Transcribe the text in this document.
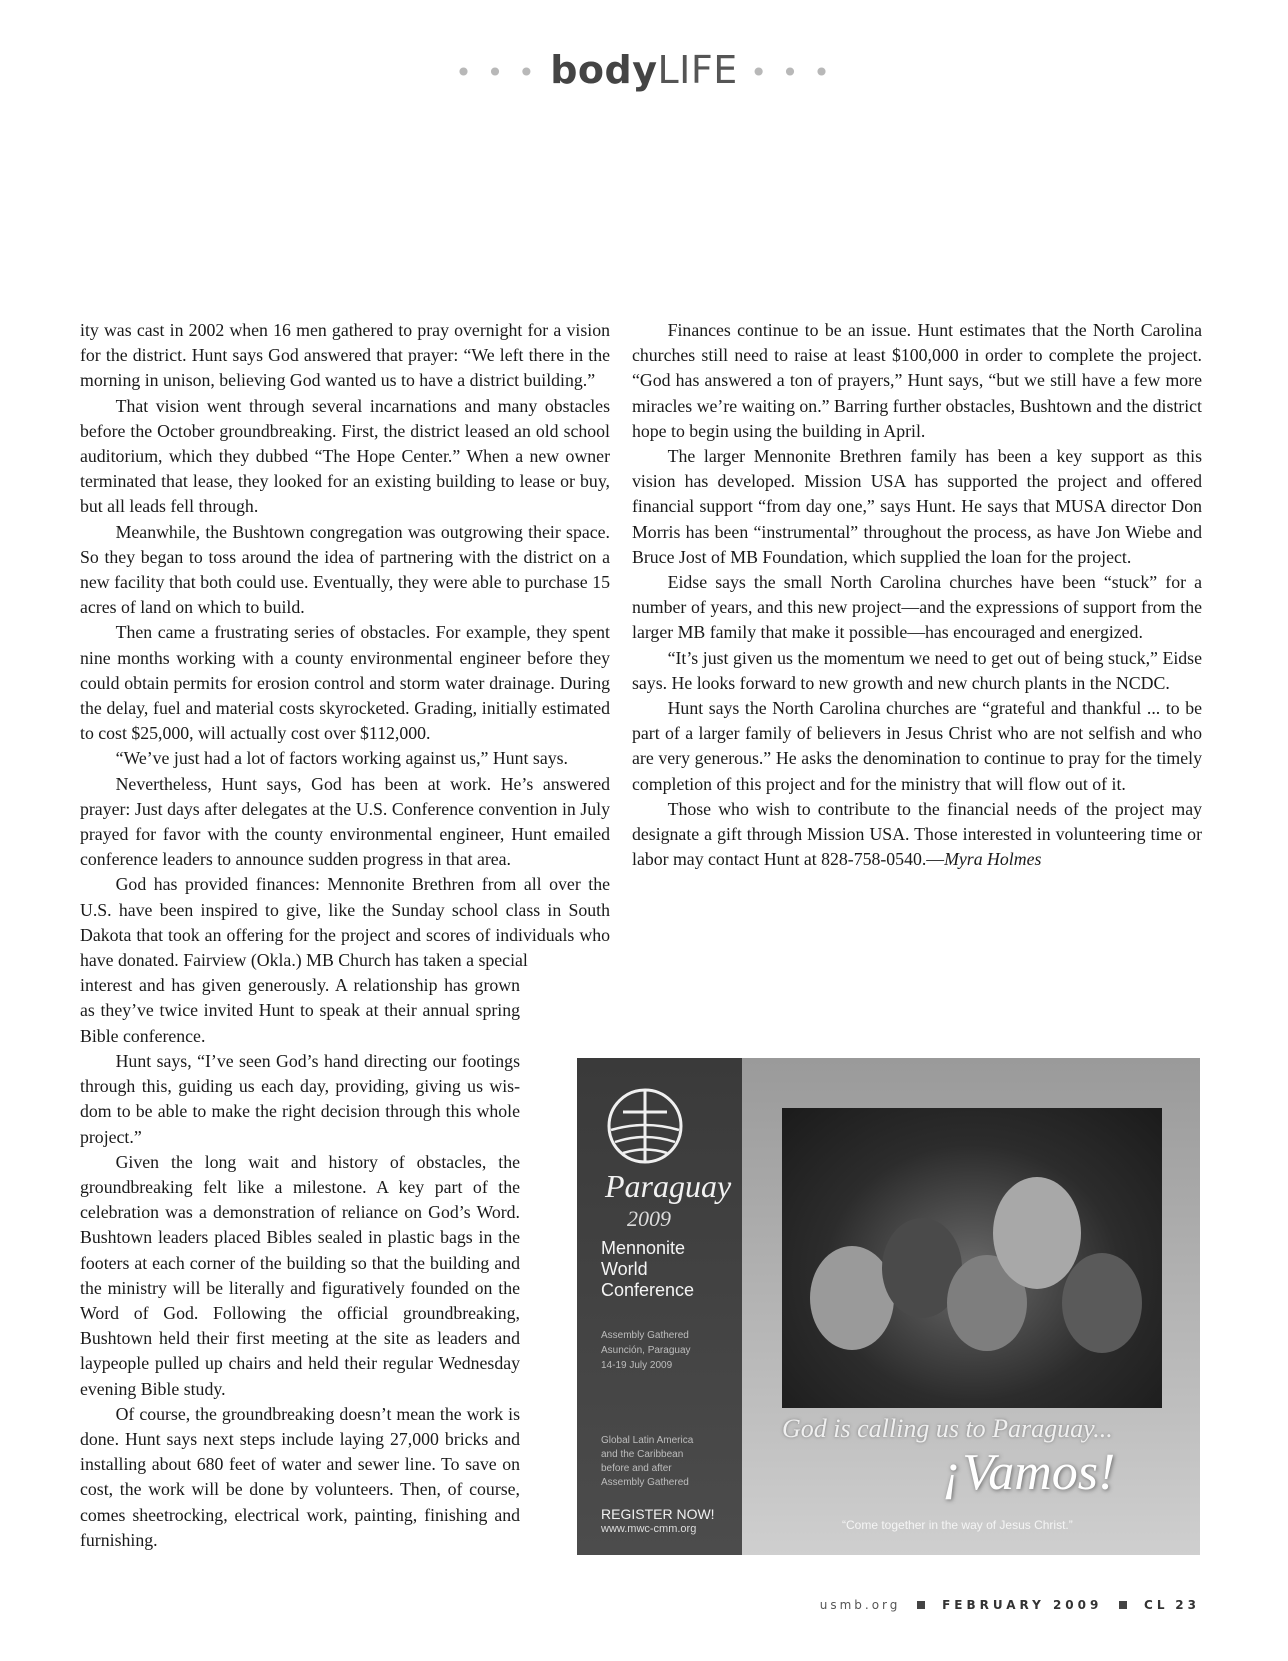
• • • bodyLIFE • • •

ity was cast in 2002 when 16 men gathered to pray overnight for a vision for the district. Hunt says God answered that prayer: “We left there in the morning in unison, believing God wanted us to have a district building.”

That vision went through several incarnations and many obstacles before the October groundbreaking. First, the district leased an old school auditorium, which they dubbed “The Hope Center.” When a new owner terminated that lease, they looked for an existing building to lease or buy, but all leads fell through.

Meanwhile, the Bushtown congregation was outgrowing their space. So they began to toss around the idea of partnering with the district on a new facility that both could use. Eventually, they were able to purchase 15 acres of land on which to build.

Then came a frustrating series of obstacles. For example, they spent nine months working with a county environmental engineer before they could obtain permits for erosion control and storm water drainage. During the delay, fuel and material costs skyrocketed. Grading, initially estimated to cost $25,000, will actually cost over $112,000.

“We’ve just had a lot of factors working against us,” Hunt says.

Nevertheless, Hunt says, God has been at work. He’s answered prayer: Just days after delegates at the U.S. Conference convention in July prayed for favor with the county environmental engineer, Hunt emailed conference leaders to announce sudden progress in that area.

God has provided finances: Mennonite Brethren from all over the U.S. have been inspired to give, like the Sunday school class in South Dakota that took an offering for the project and scores of individuals who have donated. Fairview (Okla.) MB Church has taken a special

interest and has given generously. A relationship has grown as they’ve twice invited Hunt to speak at their annual spring Bible conference.

Hunt says, “I’ve seen God’s hand directing our footings through this, guiding us each day, providing, giving us wisdom to be able to make the right decision through this whole project.”

Given the long wait and history of obstacles, the groundbreaking felt like a milestone. A key part of the celebration was a demonstration of reliance on God’s Word. Bushtown leaders placed Bibles sealed in plastic bags in the footers at each corner of the building so that the building and the ministry will be literally and figuratively founded on the Word of God. Following the official groundbreaking, Bushtown held their first meeting at the site as leaders and laypeople pulled up chairs and held their regular Wednesday evening Bible study.

Of course, the groundbreaking doesn’t mean the work is done. Hunt says next steps include laying 27,000 bricks and installing about 680 feet of water and sewer line. To save on cost, the work will be done by volunteers. Then, of course, comes sheetrocking, electrical work, painting, finishing and furnishing.

Finances continue to be an issue. Hunt estimates that the North Carolina churches still need to raise at least $100,000 in order to complete the project. “God has answered a ton of prayers,” Hunt says, “but we still have a few more miracles we’re waiting on.” Barring further obstacles, Bushtown and the district hope to begin using the building in April.

The larger Mennonite Brethren family has been a key support as this vision has developed. Mission USA has supported the project and offered financial support “from day one,” says Hunt. He says that MUSA director Don Morris has been “instrumental” throughout the process, as have Jon Wiebe and Bruce Jost of MB Foundation, which supplied the loan for the project.

Eidse says the small North Carolina churches have been “stuck” for a number of years, and this new project—and the expressions of support from the larger MB family that make it possible—has encouraged and energized.

“It’s just given us the momentum we need to get out of being stuck,” Eidse says. He looks forward to new growth and new church plants in the NCDC.

Hunt says the North Carolina churches are “grateful and thankful ... to be part of a larger family of believers in Jesus Christ who are not selfish and who are very generous.” He asks the denomination to continue to pray for the timely completion of this project and for the ministry that will flow out of it.

Those who wish to contribute to the financial needs of the project may designate a gift through Mission USA. Those interested in volunteering time or labor may contact Hunt at 828-758-0540.—Myra Holmes

Paraguay
2009
Mennonite
World
Conference
Assembly Gathered
Asunción, Paraguay
14-19 July 2009
Global Latin America
and the Caribbean
before and after
Assembly Gathered
REGISTER NOW!
www.mwc-cmm.org
God is calling us to Paraguay...
¡Vamos!
“Come together in the way of Jesus Christ.”
usmb.org	FEBRUARY 2009	CL 23
